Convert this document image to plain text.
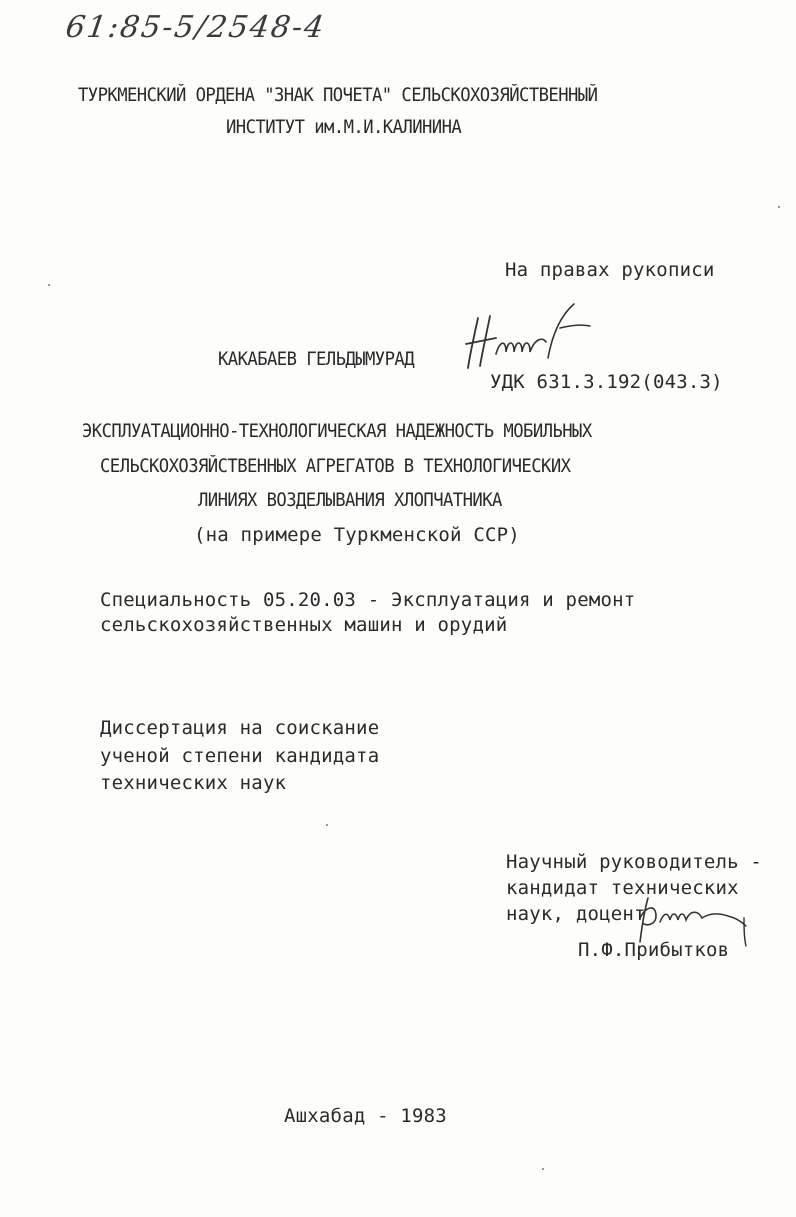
61:85-5/2548-4
ТУРКМЕНСКИЙ ОРДЕНА "ЗНАК ПОЧЕТА" СЕЛЬСКОХОЗЯЙСТВЕННЫЙ
ИНСТИТУТ им.М.И.КАЛИНИНА
На правах рукописи
КАКАБАЕВ ГЕЛЬДЫМУРАД
УДК 631.3.192(043.3)
ЭКСПЛУАТАЦИОННО-ТЕХНОЛОГИЧЕСКАЯ НАДЕЖНОСТЬ МОБИЛЬНЫХ
СЕЛЬСКОХОЗЯЙСТВЕННЫХ АГРЕГАТОВ В ТЕХНОЛОГИЧЕСКИХ
ЛИНИЯХ ВОЗДЕЛЫВАНИЯ ХЛОПЧАТНИКА
(на примере Туркменской ССР)
Специальность 05.20.03 - Эксплуатация и ремонт
сельскохозяйственных машин и орудий
Диссертация на соискание
ученой степени кандидата
технических наук
Научный руководитель -
кандидат технических
наук, доцент
П.Ф.Прибытков
Ашхабад - 1983
